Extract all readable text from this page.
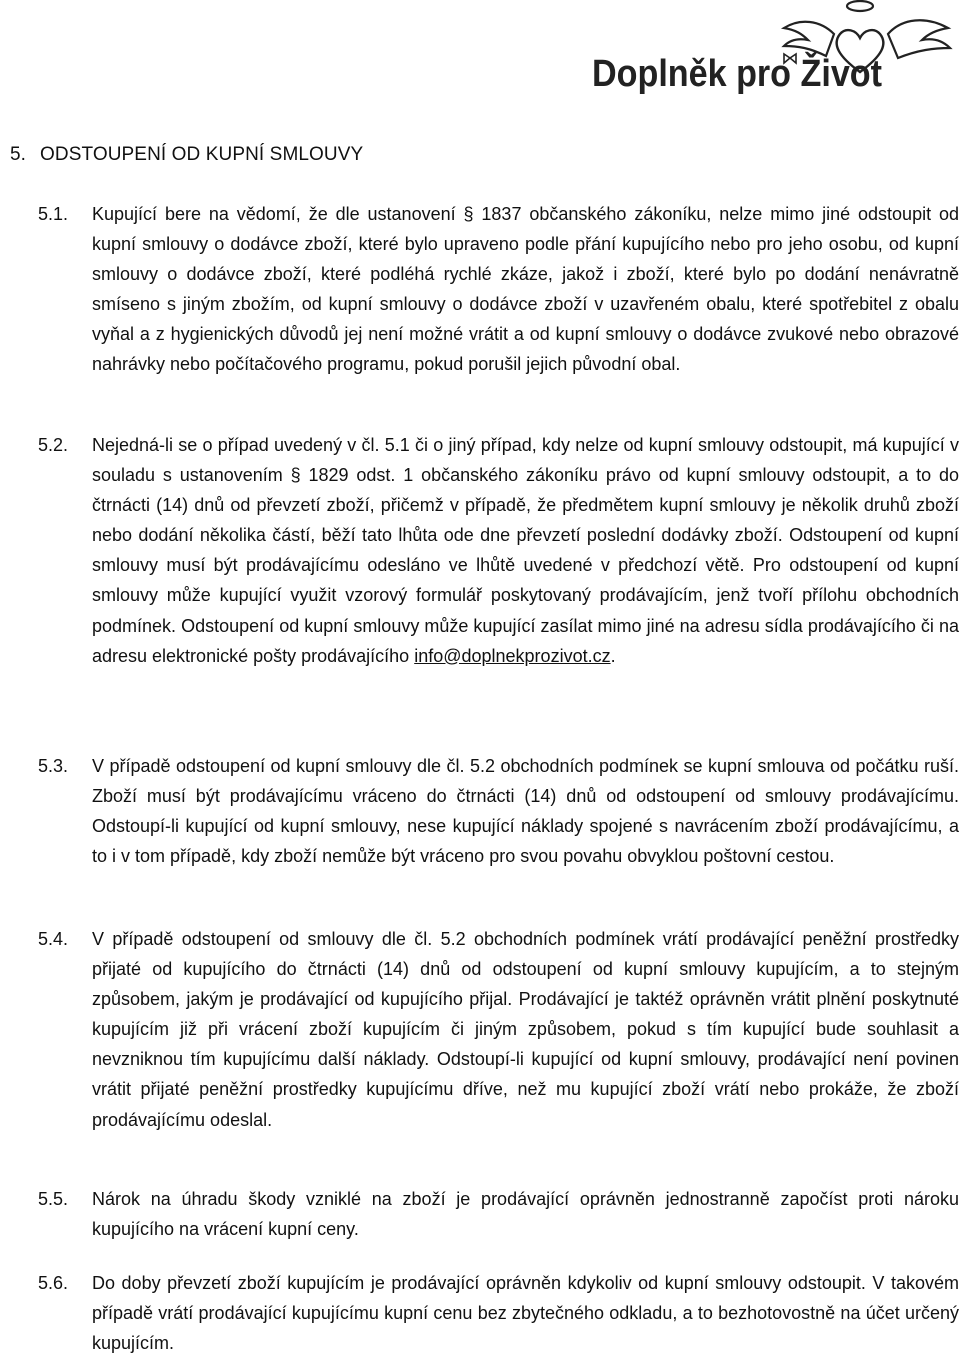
Doplněk pro Život
5. ODSTOUPENÍ OD KUPNÍ SMLOUVY
5.1. Kupující bere na vědomí, že dle ustanovení § 1837 občanského zákoníku, nelze mimo jiné odstoupit od kupní smlouvy o dodávce zboží, které bylo upraveno podle přání kupujícího nebo pro jeho osobu, od kupní smlouvy o dodávce zboží, které podléhá rychlé zkáze, jakož i zboží, které bylo po dodání nenávratně smíseno s jiným zbožím, od kupní smlouvy o dodávce zboží v uzavřeném obalu, které spotřebitel z obalu vyňal a z hygienických důvodů jej není možné vrátit a od kupní smlouvy o dodávce zvukové nebo obrazové nahrávky nebo počítačového programu, pokud porušil jejich původní obal.
5.2. Nejedná-li se o případ uvedený v čl. 5.1 či o jiný případ, kdy nelze od kupní smlouvy odstoupit, má kupující v souladu s ustanovením § 1829 odst. 1 občanského zákoníku právo od kupní smlouvy odstoupit, a to do čtrnácti (14) dnů od převzetí zboží, přičemž v případě, že předmětem kupní smlouvy je několik druhů zboží nebo dodání několika částí, běží tato lhůta ode dne převzetí poslední dodávky zboží. Odstoupení od kupní smlouvy musí být prodávajícímu odesláno ve lhůtě uvedené v předchozí větě. Pro odstoupení od kupní smlouvy může kupující využit vzorový formulář poskytovaný prodávajícím, jenž tvoří přílohu obchodních podmínek. Odstoupení od kupní smlouvy může kupující zasílat mimo jiné na adresu sídla prodávajícího či na adresu elektronické pošty prodávajícího info@doplnekprozivot.cz.
5.3. V případě odstoupení od kupní smlouvy dle čl. 5.2 obchodních podmínek se kupní smlouva od počátku ruší. Zboží musí být prodávajícímu vráceno do čtrnácti (14) dnů od odstoupení od smlouvy prodávajícímu. Odstoupí-li kupující od kupní smlouvy, nese kupující náklady spojené s navrácením zboží prodávajícímu, a to i v tom případě, kdy zboží nemůže být vráceno pro svou povahu obvyklou poštovní cestou.
5.4. V případě odstoupení od smlouvy dle čl. 5.2 obchodních podmínek vrátí prodávající peněžní prostředky přijaté od kupujícího do čtrnácti (14) dnů od odstoupení od kupní smlouvy kupujícím, a to stejným způsobem, jakým je prodávající od kupujícího přijal. Prodávající je taktéž oprávněn vrátit plnění poskytnuté kupujícím již při vrácení zboží kupujícím či jiným způsobem, pokud s tím kupující bude souhlasit a nevzniknou tím kupujícímu další náklady. Odstoupí-li kupující od kupní smlouvy, prodávající není povinen vrátit přijaté peněžní prostředky kupujícímu dříve, než mu kupující zboží vrátí nebo prokáže, že zboží prodávajícímu odeslal.
5.5. Nárok na úhradu škody vzniklé na zboží je prodávající oprávněn jednostranně započíst proti nároku kupujícího na vrácení kupní ceny.
5.6. Do doby převzetí zboží kupujícím je prodávající oprávněn kdykoliv od kupní smlouvy odstoupit. V takovém případě vrátí prodávající kupujícímu kupní cenu bez zbytečného odkladu, a to bezhotovostně na účet určený kupujícím.
